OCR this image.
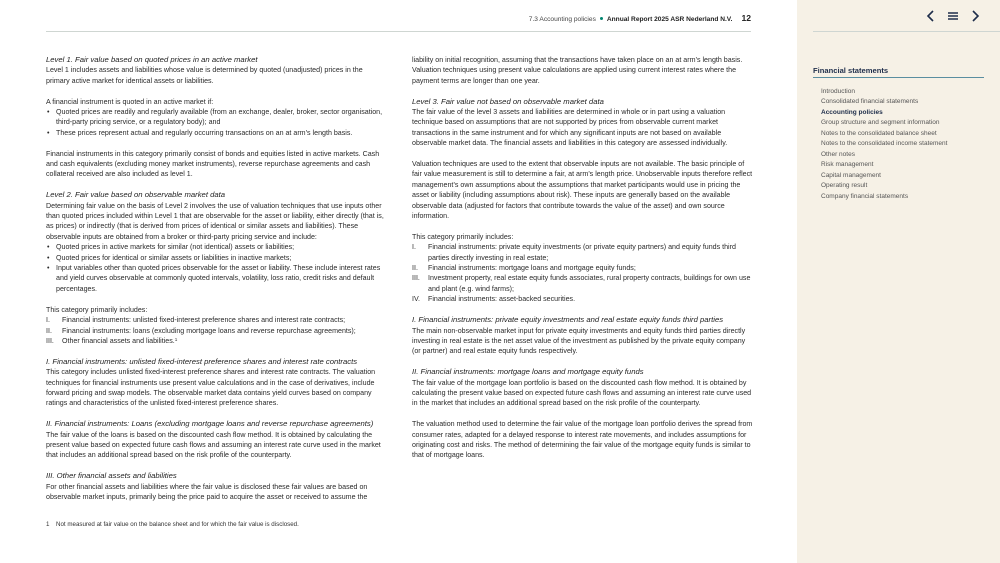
7.3 Accounting policies Annual Report 2025 ASR Nederland N.V. 12
Level 1. Fair value based on quoted prices in an active market

Level 1 includes assets and liabilities whose value is determined by quoted (unadjusted) prices in the primary active market for identical assets or liabilities.

A financial instrument is quoted in an active market if:

• Quoted prices are readily and regularly available (from an exchange, dealer, broker, sector organisation, third-party pricing service, or a regulatory body); and
• These prices represent actual and regularly occurring transactions on an at arm’s length basis.

Financial instruments in this category primarily consist of bonds and equities listed in active markets. Cash and cash equivalents (excluding money market instruments), reverse repurchase agreements and cash collateral received are also included as level 1.

Level 2. Fair value based on observable market data

Determining fair value on the basis of Level 2 involves the use of valuation techniques that use inputs other than quoted prices included within Level 1 that are observable for the asset or liability, either directly (that is, as prices) or indirectly (that is derived from prices of identical or similar assets and liabilities). These observable inputs are obtained from a broker or third-party pricing service and include:

• Quoted prices in active markets for similar (not identical) assets or liabilities;
• Quoted prices for identical or similar assets or liabilities in inactive markets;
• Input variables other than quoted prices observable for the asset or liability. These include interest rates and yield curves observable at commonly quoted intervals, volatility, loss ratio, credit risks and default percentages.

This category primarily includes:

I. Financial instruments: unlisted fixed-interest preference shares and interest rate contracts;
II. Financial instruments: loans (excluding mortgage loans and reverse repurchase agreements);
III. Other financial assets and liabilities.$^1$
I. Financial instruments: unlisted fixed-interest preference shares and interest rate contracts

This category includes unlisted fixed-interest preference shares and interest rate contracts. The valuation techniques for financial instruments use present value calculations and in the case of derivatives, include forward pricing and swap models. The observable market data contains yield curves based on company ratings and characteristics of the unlisted fixed-interest preference shares.

II. Financial instruments: Loans (excluding mortgage loans and reverse repurchase agreements)

The fair value of the loans is based on the discounted cash flow method. It is obtained by calculating the present value based on expected future cash flows and assuming an interest rate curve used in the market that includes an additional spread based on the risk profile of the counterparty.

III. Other financial assets and liabilities

For other financial assets and liabilities where the fair value is disclosed these fair values are based on observable market inputs, primarily being the price paid to acquire the asset or received to assume the

liability on initial recognition, assuming that the transactions have taken place on an at arm’s length basis. Valuation techniques using present value calculations are applied using current interest rates where the payment terms are longer than one year.

Level 3. Fair value not based on observable market data

The fair value of the level 3 assets and liabilities are determined in whole or in part using a valuation technique based on assumptions that are not supported by prices from observable current market transactions in the same instrument and for which any significant inputs are not based on available observable market data. The financial assets and liabilities in this category are assessed individually.

Valuation techniques are used to the extent that observable inputs are not available. The basic principle of fair value measurement is still to determine a fair, at arm’s length price. Unobservable inputs therefore reflect management’s own assumptions about the assumptions that market participants would use in pricing the asset or liability (including assumptions about risk). These inputs are generally based on the available observable data (adjusted for factors that contribute towards the value of the asset) and own source information.

This category primarily includes:

I. Financial instruments: private equity investments (or private equity partners) and equity funds third parties directly investing in real estate;
II. Financial instruments: mortgage loans and mortgage equity funds;
III. Investment property, real estate equity funds associates, rural property contracts, buildings for own use and plant (e.g. wind farms);
IV. Financial instruments: asset-backed securities.
I. Financial instruments: private equity investments and real estate equity funds third parties

The main non-observable market input for private equity investments and equity funds third parties directly investing in real estate is the net asset value of the investment as published by the private equity company (or partner) and real estate equity funds respectively.

II. Financial instruments: mortgage loans and mortgage equity funds

The fair value of the mortgage loan portfolio is based on the discounted cash flow method. It is obtained by calculating the present value based on expected future cash flows and assuming an interest rate curve used in the market that includes an additional spread based on the risk profile of the counterparty.

The valuation method used to determine the fair value of the mortgage loan portfolio derives the spread from consumer rates, adapted for a delayed response to interest rate movements, and includes assumptions for originating cost and risks. The method of determining the fair value of the mortgage equity funds is similar to that of mortgage loans.

1 Not measured at fair value on the balance sheet and for which the fair value is disclosed.
Financial statements
Introduction
Consolidated financial statements
Accounting policies
Group structure and segment information
Notes to the consolidated balance sheet
Notes to the consolidated income statement
Other notes
Risk management
Capital management
Operating result
Company financial statements
